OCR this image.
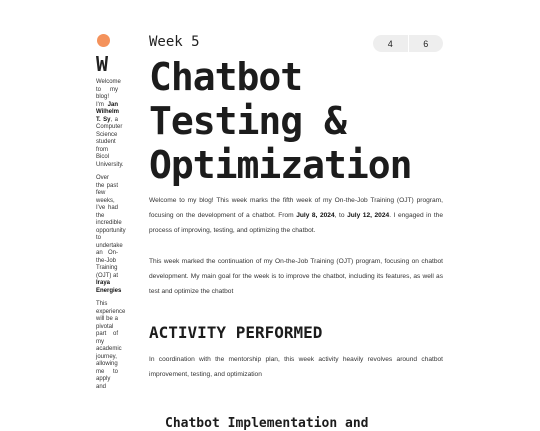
W

Welcome to my blog! I'm Jan Wilhelm T. Sy, a Computer Science student from Bicol University.

Over the past few weeks, I've had the incredible opportunity to undertake an On-the-Job Training (OJT) at Iraya Energies

This experience will be a pivotal part of my academic journey, allowing me to apply and

Week 5	4	6
Chatbot Testing & Optimization

Welcome to my blog! This week marks the fifth week of my On-the-Job Training (OJT) program, focusing on the development of a chatbot. From July 8, 2024, to July 12, 2024. I engaged in the process of improving, testing, and optimizing the chatbot.

This week marked the continuation of my On-the-Job Training (OJT) program, focusing on chatbot development. My main goal for the week is to improve the chatbot, including its features, as well as test and optimize the chatbot

ACTIVITY PERFORMED

In coordination with the mentorship plan, this week activity heavily revolves around chatbot improvement, testing, and optimization

Chatbot Implementation and
